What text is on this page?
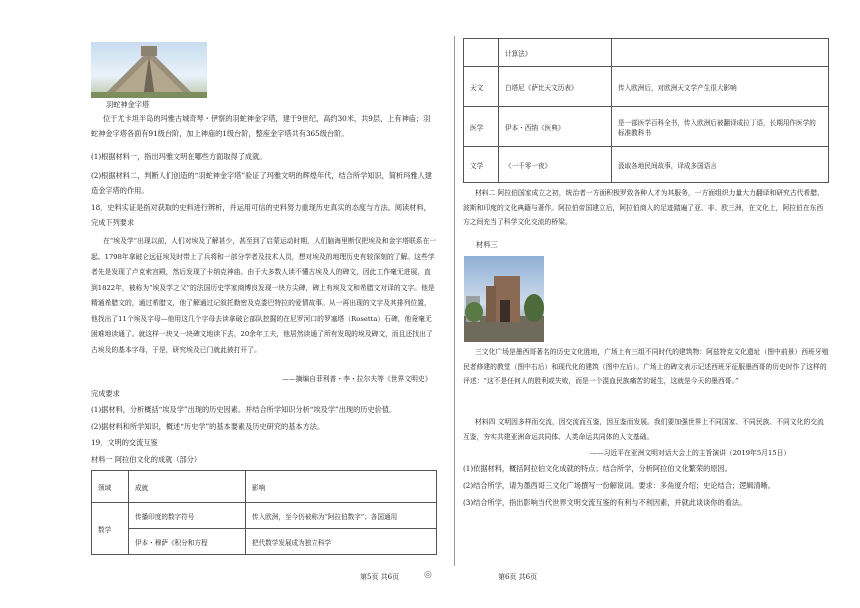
羽蛇神金字塔
位于尤卡坦半岛的玛雅古城奇琴・伊察的羽蛇神金字塔，建于9世纪，高约30米，共9层，上有神庙；羽蛇神金字塔各面有91级台阶，加上神庙的1级台阶，整座金字塔共有365级台阶。
(1)根据材料一，指出玛雅文明在哪些方面取得了成就。
(2)根据材料二，判断人们创造的“羽蛇神金字塔”验证了玛雅文明的辉煌年代，结合所学知识，简析玛雅人建造金字塔的作用。
18．史料实证是指对获取的史料进行辨析，并运用可信的史料努力重现历史真实的态度与方法。阅读材料，完成下列要求
在“埃及学”出现以前，人们对埃及了解甚少，甚至到了启蒙运动时期，人们脑海里断仅把埃及和金字塔联系在一起。1798年拿破仑远征埃及时带上了兵将和一部分学者及技术人员，想对埃及的地理历史有较深刻的了解。这些学者先是发现了卢克索宫殿，然后发现了卡纳克神庙。由于大多数人读不懂古埃及人的碑文，因此工作毫无进展，直到1822年，被称为“埃及学之父”的法国历史学家商博良发现一块方尖碑，碑上有埃及文和希腊文对译的文字。他是精通希腊文的，通过希腊文，他了解通过记叙托勒密及克娄巴特拉的爱情故事。从一再出现的文字及其排列位置，他找出了11个埃及字母—他用这几个字母去读拿破仑部队挖掘的在尼罗河口的罗塞塔（Rosetta）石碑，他竟毫无困难地读通了。就这样一块又一块碑文地读下去，20余年工夫，他居然读通了所有发现的埃及碑文，而且还找出了古埃及的基本字母，于是，研究埃及已门就此被打开了。
——摘编自菲利普・李・拉尔夫等《世界文明史》
完成要求
(1)据材料，分析概括“埃及学”出现的历史因素。并结合所学知识分析“埃及学”出现的历史价值。
(2)据材料和所学知识，概述“历史学”的基本要素及历史研究的基本方法。
19．文明的交流互鉴
材料一 阿拉伯文化的成就（部分）
领域	成就	影响
数学	传播印度的数字符号	传入欧洲，至今仍被称为“阿拉伯数字”；各国通用
	伊本・穆萨《积分和方程	把代数学发展成为独立科学
第5页 共6页	◎	第6页 共6页
	计算法》	
天文	白塔尼《萨比天文历表》	传入欧洲后，对欧洲天文学产生很大影响
医学	伊本・西纳《医典》	是一部医学百科全书，传入欧洲后被翻译成拉丁语，长期用作医学的标准教科书
文学	《一千零一夜》	汲取各地民间故事，译成多国语言
材料二 阿拉伯国家成立之初，统治者一方面积极罗致各种人才为其服务，一方面组织力量大力翻译和研究古代希腊、波斯和印度的文化典籍与著作。阿拉伯帝国建立后，阿拉伯商人的足迹踏遍了亚、非、欧三洲，在文化上，阿拉伯在东西方之间充当了科学文化交流的桥梁。
材料三
三文化广场是墨西哥著名的历史文化胜地，广场上有三组不同时代的建筑物：阿兹特克文化遗址（图中前景）西班牙殖民者修建的教堂（图中右后）和现代化的建筑（图中左后）。广场上的碑文表示记述西班牙征服墨西哥的历史时作了这样的评述：“这不是任何人的胜利或失败，而是一个混血民族痛苦的诞生，这就是今天的墨西哥。”
材料四 文明因多样而交流，因交流而互鉴，因互鉴而发展。我们要加强世界上不同国家、不同民族、不同文化的交流互鉴，夯实共建亚洲命运共同体、人类命运共同体的人文基础。
——习近平在亚洲文明对话大会上的主旨演讲（2019年5月15日）
(1)依据材料，概括阿拉伯文化成就的特点；结合所学，分析阿拉伯文化繁荣的原因。
(2)结合所学，请为墨西哥三文化广场撰写一份解说词。要求：多角度介绍；史论结合；逻辑清晰。
(3)结合所学，指出影响当代世界文明交流互鉴的有利与不利因素，并就此谈谈你的看法。
